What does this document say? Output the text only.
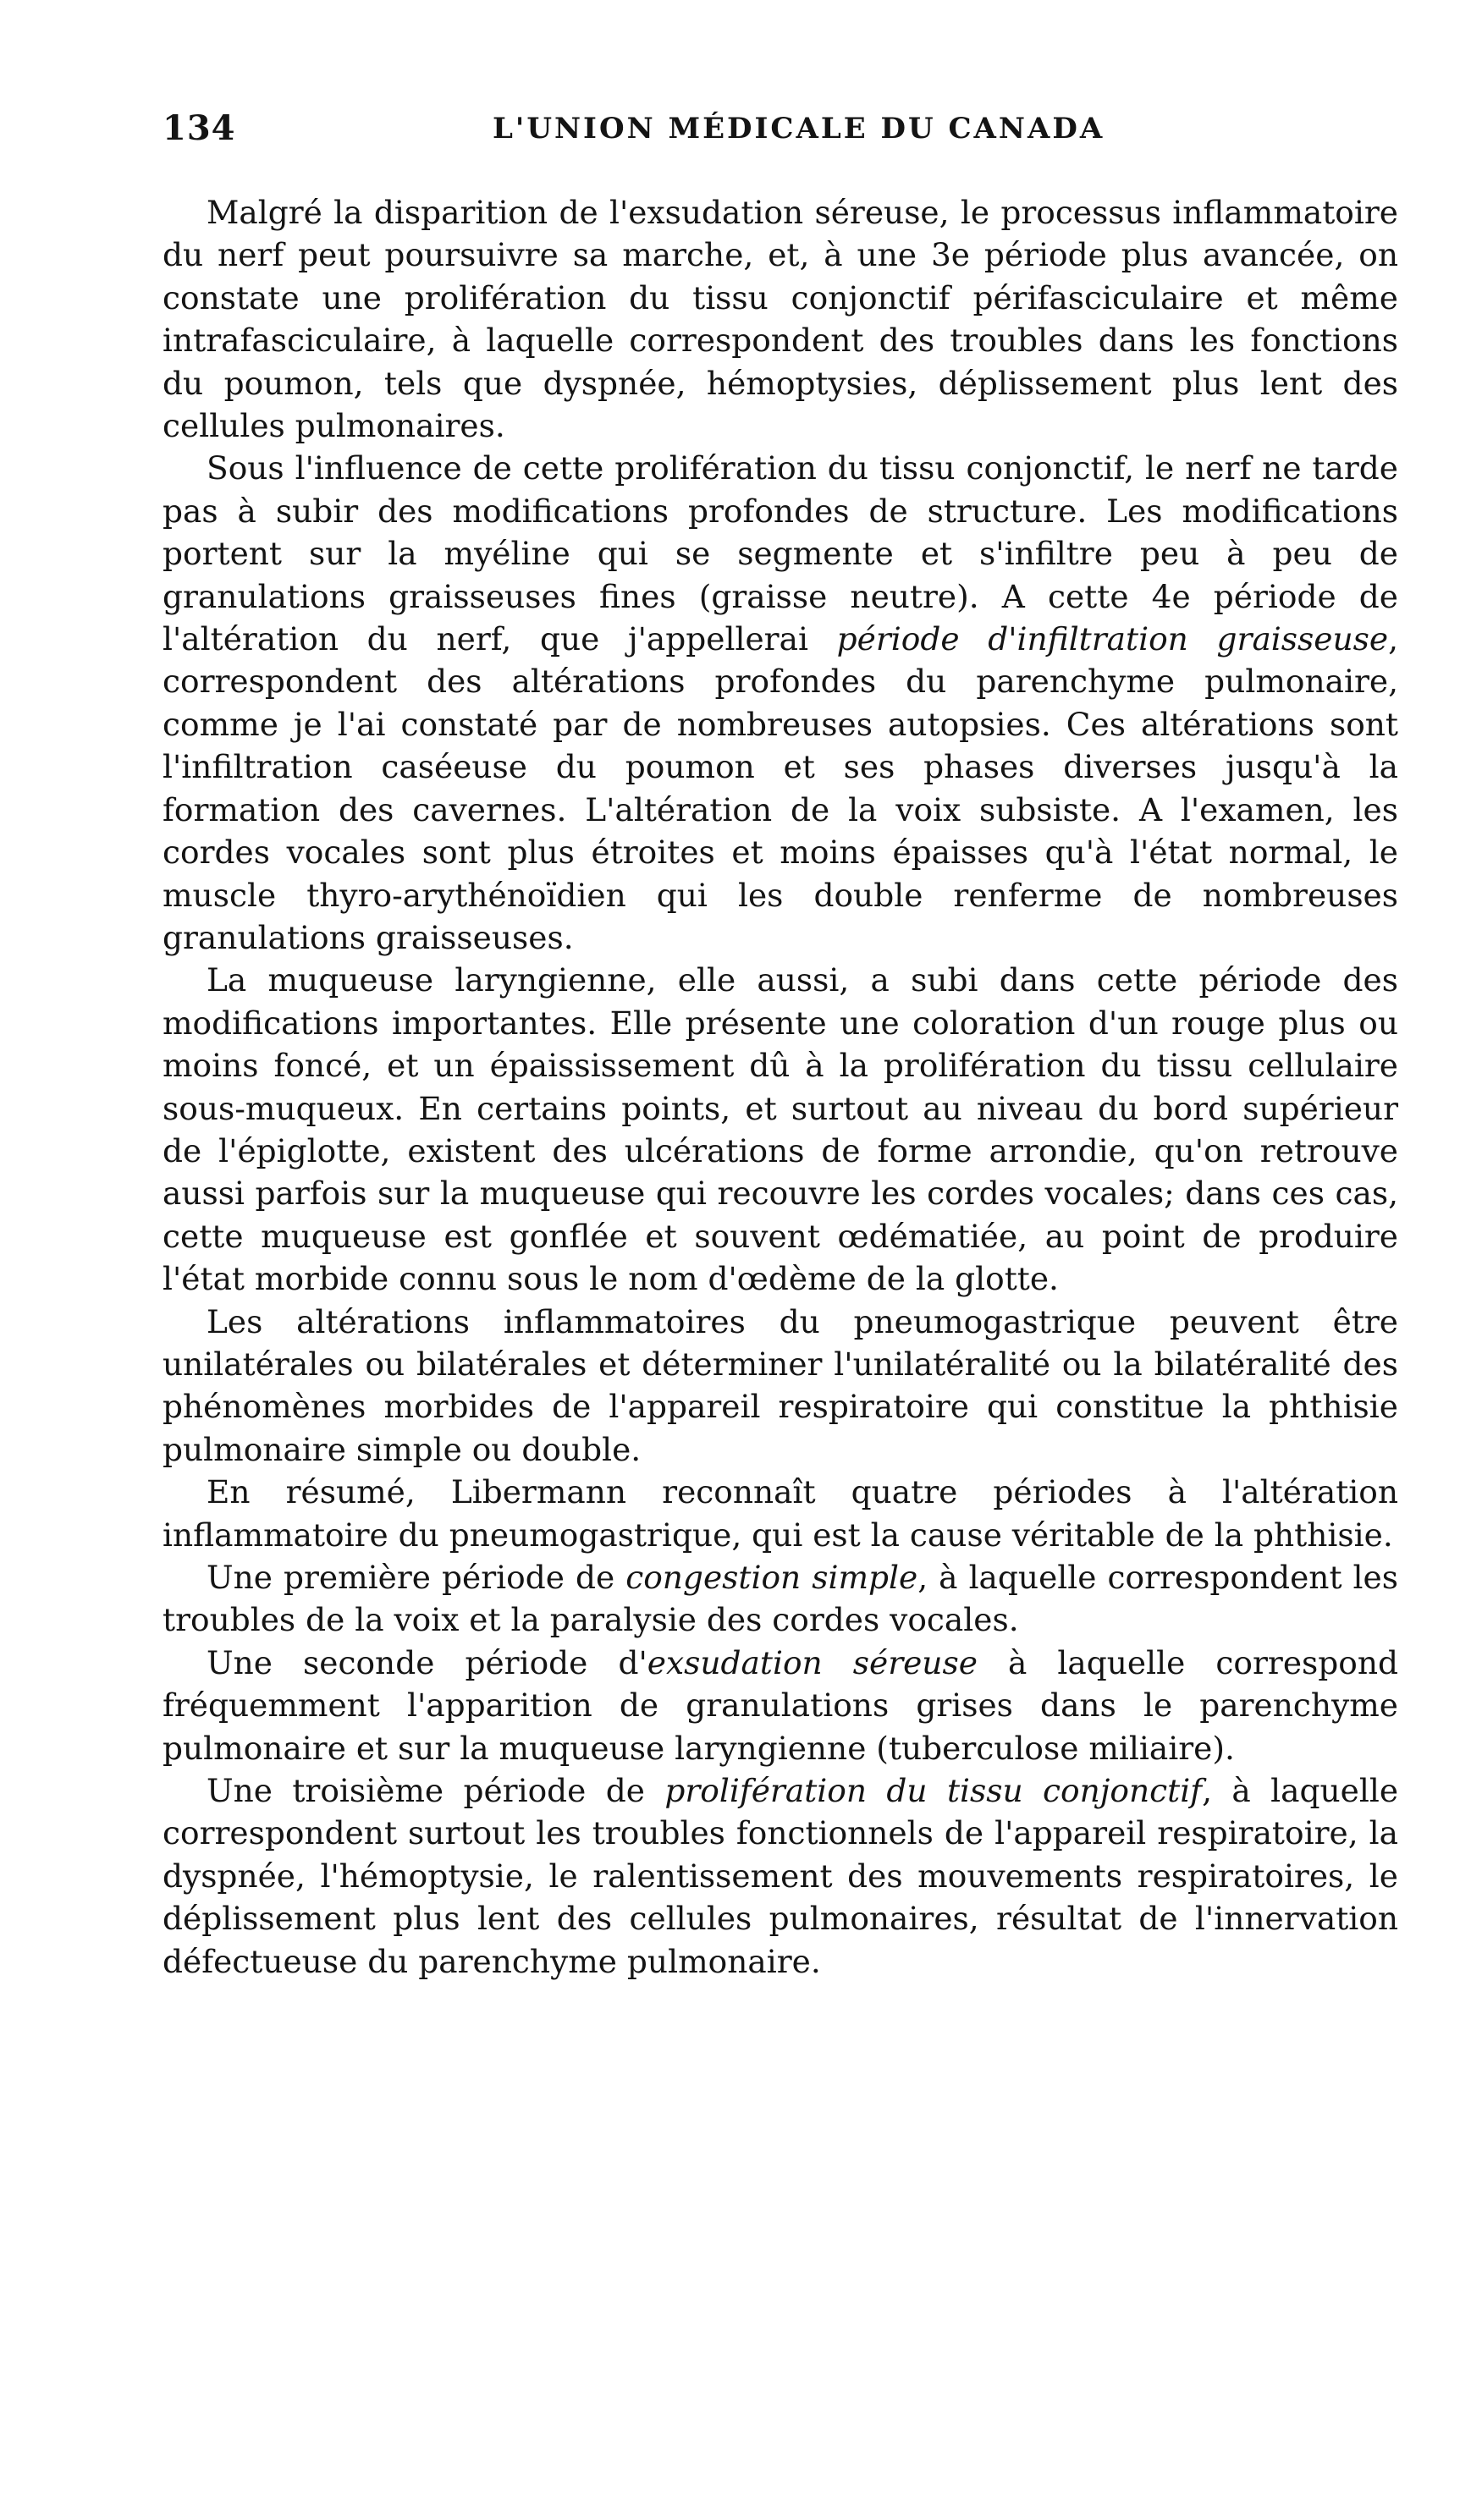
134	L'UNION MÉDICALE DU CANADA

Malgré la disparition de l'exsudation séreuse, le processus inflammatoire du nerf peut poursuivre sa marche, et, à une 3e période plus avancée, on constate une prolifération du tissu conjonctif périfasciculaire et même intrafasciculaire, à laquelle correspondent des troubles dans les fonctions du poumon, tels que dyspnée, hémoptysies, déplissement plus lent des cellules pulmonaires.

Sous l'influence de cette prolifération du tissu conjonctif, le nerf ne tarde pas à subir des modifications profondes de structure. Les modifications portent sur la myéline qui se segmente et s'infiltre peu à peu de granulations graisseuses fines (graisse neutre). A cette 4e période de l'altération du nerf, que j'appellerai période d'infiltration graisseuse, correspondent des altérations profondes du parenchyme pulmonaire, comme je l'ai constaté par de nombreuses autopsies. Ces altérations sont l'infiltration caséeuse du poumon et ses phases diverses jusqu'à la formation des cavernes. L'altération de la voix subsiste. A l'examen, les cordes vocales sont plus étroites et moins épaisses qu'à l'état normal, le muscle thyro-arythénoïdien qui les double renferme de nombreuses granulations graisseuses.

La muqueuse laryngienne, elle aussi, a subi dans cette période des modifications importantes. Elle présente une coloration d'un rouge plus ou moins foncé, et un épaississement dû à la prolifération du tissu cellulaire sous-muqueux. En certains points, et surtout au niveau du bord supérieur de l'épiglotte, existent des ulcérations de forme arrondie, qu'on retrouve aussi parfois sur la muqueuse qui recouvre les cordes vocales; dans ces cas, cette muqueuse est gonflée et souvent œdématiée, au point de produire l'état morbide connu sous le nom d'œdème de la glotte.

Les altérations inflammatoires du pneumogastrique peuvent être unilatérales ou bilatérales et déterminer l'unilatéralité ou la bilatéralité des phénomènes morbides de l'appareil respiratoire qui constitue la phthisie pulmonaire simple ou double.

En résumé, Libermann reconnaît quatre périodes à l'altération inflammatoire du pneumogastrique, qui est la cause véritable de la phthisie.

Une première période de congestion simple, à laquelle correspondent les troubles de la voix et la paralysie des cordes vocales.

Une seconde période d'exsudation séreuse à laquelle correspond fréquemment l'apparition de granulations grises dans le parenchyme pulmonaire et sur la muqueuse laryngienne (tuberculose miliaire).

Une troisième période de prolifération du tissu conjonctif, à laquelle correspondent surtout les troubles fonctionnels de l'appareil respiratoire, la dyspnée, l'hémoptysie, le ralentissement des mouvements respiratoires, le déplissement plus lent des cellules pulmonaires, résultat de l'innervation défectueuse du parenchyme pulmonaire.
